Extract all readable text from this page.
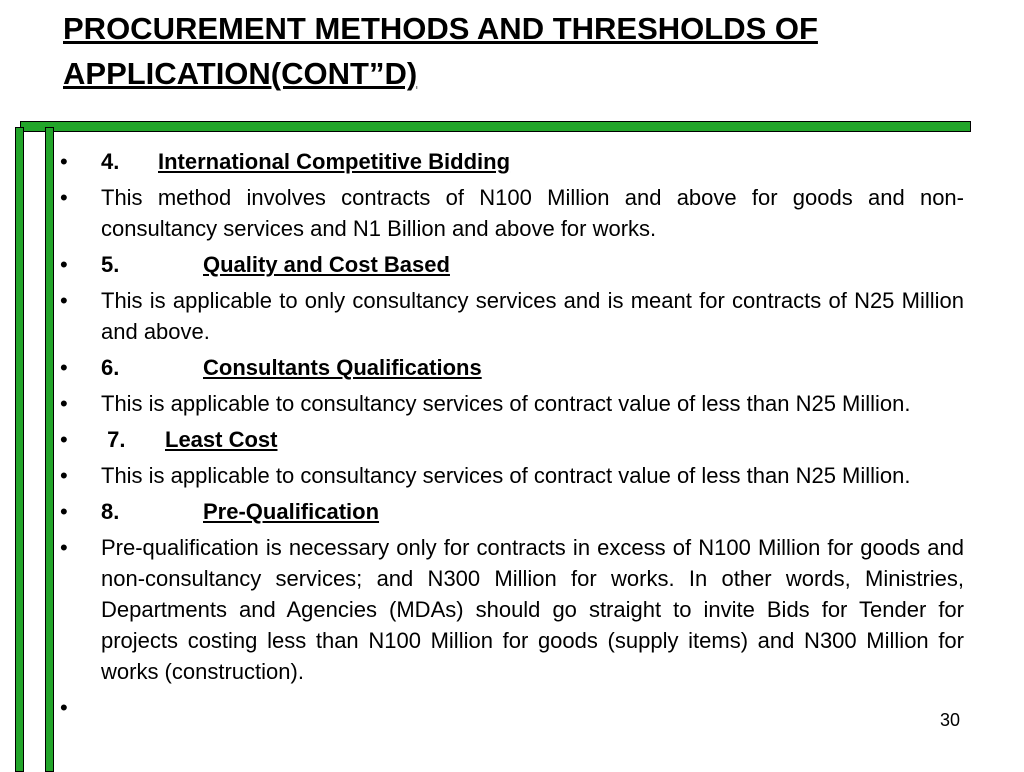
PROCUREMENT METHODS AND THRESHOLDS OF APPLICATION(CONT”D)
• 4. International Competitive Bidding
• This method involves contracts of N100 Million and above for goods and non-consultancy services and N1 Billion and above for works.
• 5.	Quality and Cost Based
• This is applicable to only consultancy services and is meant for contracts of N25 Million and above.
• 6.	Consultants Qualifications
• This is applicable to consultancy services of contract value of less than N25 Million.
• 7. Least Cost
• This is applicable to consultancy services of contract value of less than N25 Million.
• 8.	Pre-Qualification
• Pre-qualification is necessary only for contracts in excess of N100 Million for goods and non-consultancy services; and N300 Million for works. In other words, Ministries, Departments and Agencies (MDAs) should go straight to invite Bids for Tender for projects costing less than N100 Million for goods (supply items) and N300 Million for works (construction).
•	30
